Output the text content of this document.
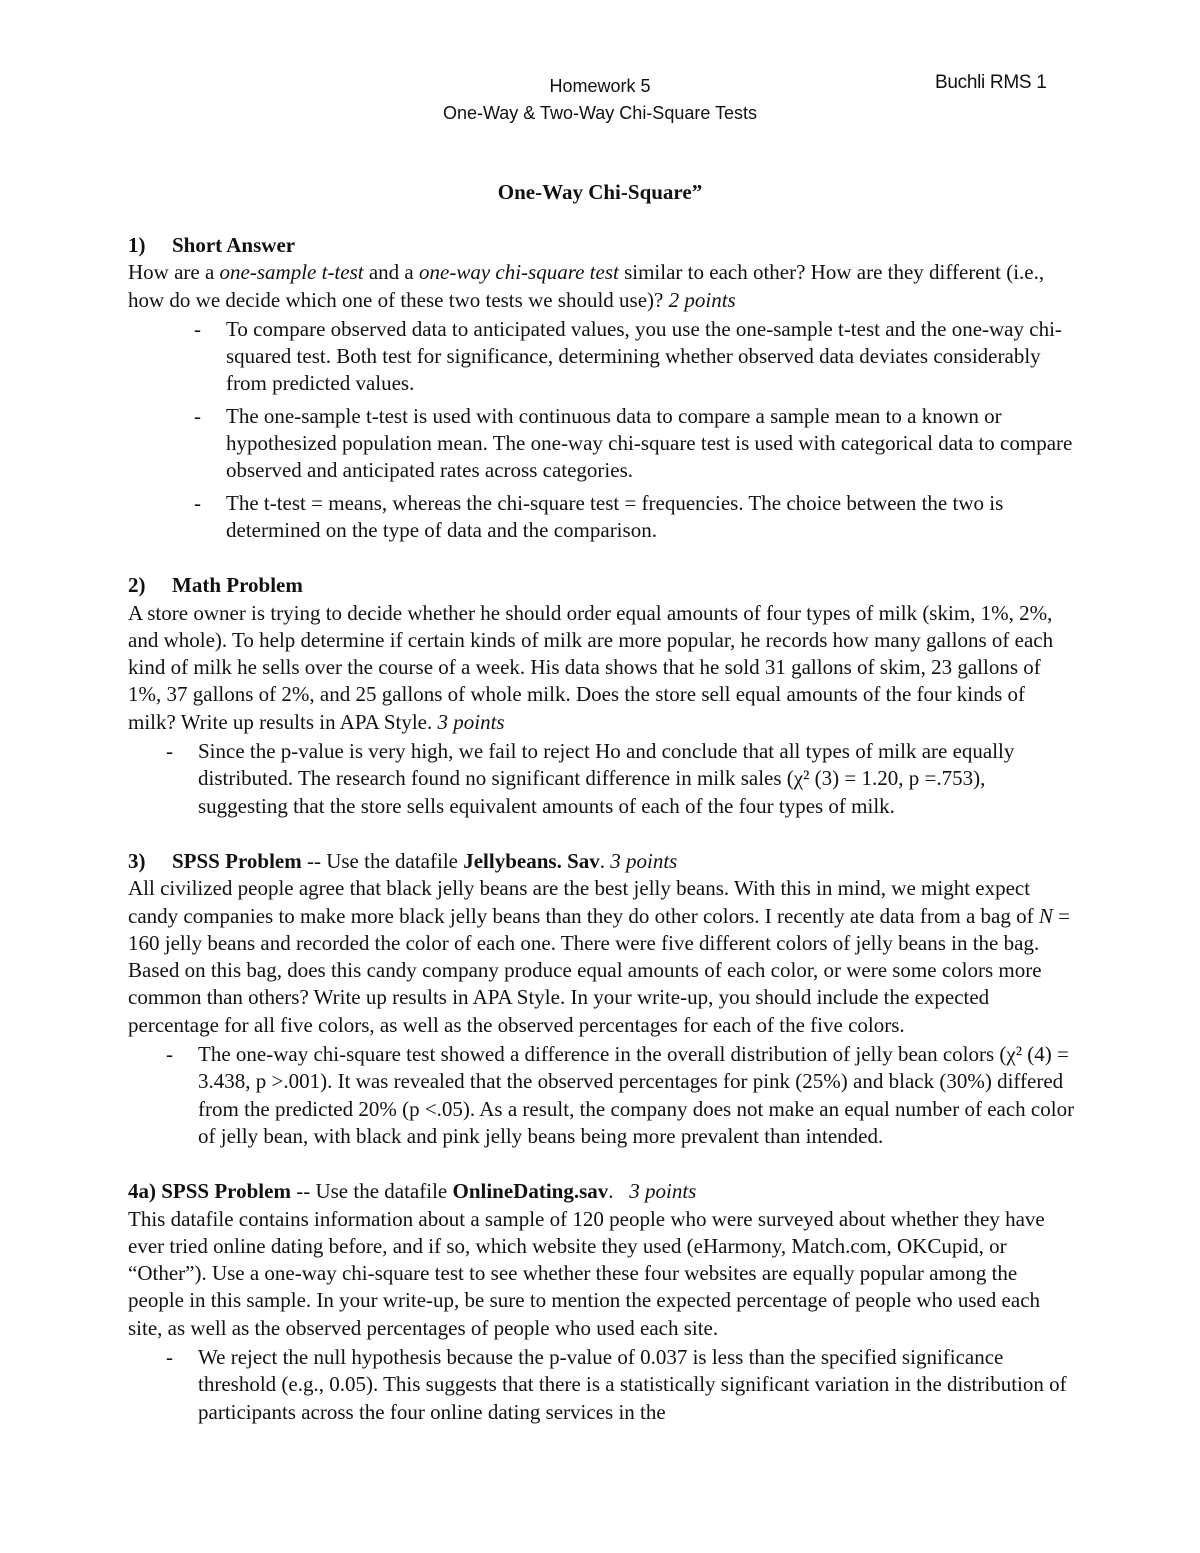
Buchli RMS 1
Homework 5
One-Way & Two-Way Chi-Square Tests
One-Way Chi-Square”
1) Short Answer
How are a one-sample t-test and a one-way chi-square test similar to each other? How are they different (i.e., how do we decide which one of these two tests we should use)? 2 points
- To compare observed data to anticipated values, you use the one-sample t-test and the one-way chi-squared test. Both test for significance, determining whether observed data deviates considerably from predicted values.
- The one-sample t-test is used with continuous data to compare a sample mean to a known or hypothesized population mean. The one-way chi-square test is used with categorical data to compare observed and anticipated rates across categories.
- The t-test = means, whereas the chi-square test = frequencies. The choice between the two is determined on the type of data and the comparison.
2) Math Problem
A store owner is trying to decide whether he should order equal amounts of four types of milk (skim, 1%, 2%, and whole). To help determine if certain kinds of milk are more popular, he records how many gallons of each kind of milk he sells over the course of a week. His data shows that he sold 31 gallons of skim, 23 gallons of 1%, 37 gallons of 2%, and 25 gallons of whole milk. Does the store sell equal amounts of the four kinds of milk? Write up results in APA Style. 3 points
- Since the p-value is very high, we fail to reject Ho and conclude that all types of milk are equally distributed. The research found no significant difference in milk sales (χ² (3) = 1.20, p =.753), suggesting that the store sells equivalent amounts of each of the four types of milk.
3) SPSS Problem -- Use the datafile Jellybeans. Sav. 3 points
All civilized people agree that black jelly beans are the best jelly beans. With this in mind, we might expect candy companies to make more black jelly beans than they do other colors. I recently ate data from a bag of N = 160 jelly beans and recorded the color of each one. There were five different colors of jelly beans in the bag. Based on this bag, does this candy company produce equal amounts of each color, or were some colors more common than others? Write up results in APA Style. In your write-up, you should include the expected percentage for all five colors, as well as the observed percentages for each of the five colors.
- The one-way chi-square test showed a difference in the overall distribution of jelly bean colors (χ² (4) = 3.438, p >.001). It was revealed that the observed percentages for pink (25%) and black (30%) differed from the predicted 20% (p <.05). As a result, the company does not make an equal number of each color of jelly bean, with black and pink jelly beans being more prevalent than intended.
4a) SPSS Problem -- Use the datafile OnlineDating.sav.   3 points
This datafile contains information about a sample of 120 people who were surveyed about whether they have ever tried online dating before, and if so, which website they used (eHarmony, Match.com, OKCupid, or “Other”). Use a one-way chi-square test to see whether these four websites are equally popular among the people in this sample. In your write-up, be sure to mention the expected percentage of people who used each site, as well as the observed percentages of people who used each site.
- We reject the null hypothesis because the p-value of 0.037 is less than the specified significance threshold (e.g., 0.05). This suggests that there is a statistically significant variation in the distribution of participants across the four online dating services in the
